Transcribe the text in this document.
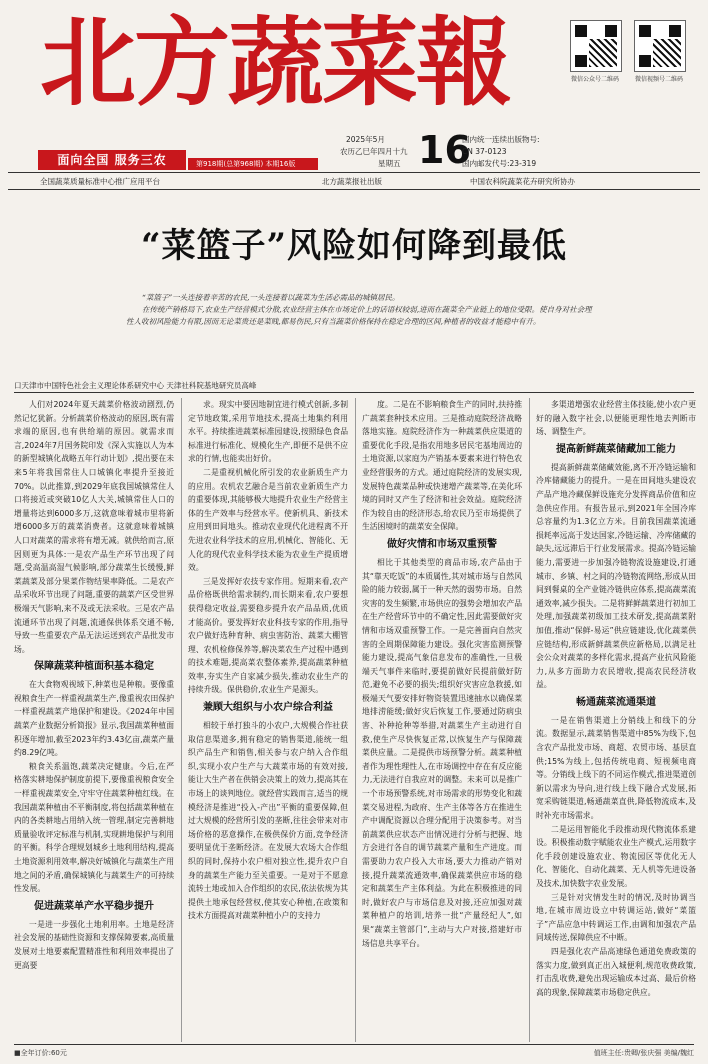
北方蔬菜報	微信公众号二维码	微信视频号二维码
面向全国 服务三农	第918期(总第968期) 本期16版
2025年5月
农历乙巳年四月十九
星期五 16
国内统一连续出版物号:
CN 37-0123
国内邮发代号:23-319
全国蔬菜质量标准中心推广应用平台	北方蔬菜报社出版	中国农科院蔬菜花卉研究所协办
“菜篮子”风险如何降到最低

“菜篮子”一头连接着辛苦的农民,一头连接着以蔬菜为生活必需品的城镇居民。

在传统产销格局下,农业生产经营模式分散,农业经营主体在市场定价上的话语权较弱,进而在蔬菜全产业链上的地位受限。使自身对社会理性人收初风险能力有限,因而无论菜贵还是菜贱,都易伤民,只有当蔬菜价格保持在稳定合理的区间,种植者的收益才能稳中有升。

口天津市中国特色社会主义理论体系研究中心 天津社科院基地研究员高峰

人们对2024年夏天蔬菜价格波动剧烈,仍然记忆犹新。分析蔬菜价格波动的原因,既有需求端的原因,也有供给端的原因。就需求而言,2024年7月国务院印发《深入实施以人为本的新型城镇化战略五年行动计划》,提出要在未来5年将我国常住人口城镇化率提升至接近70%。以此推算,到2029年底我国城镇常住人口将接近或突破10亿人大关,城镇常住人口的增量将达到6000多万,这就意味着城市里将新增6000多万的蔬菜消费者。这就意味着城镇人口对蔬菜的需求将有增无减。就供给而言,原因则更为具体:一是农产品生产环节出现了问题,受高温高湿气候影响,部分蔬菜生长缓慢,鲜菜蔬菜及部分果菜作物结果率降低。二是农产品采收环节出现了问题,重要的蔬菜产区受世界极端天气影响,来不及或无法采收。三是农产品流通环节出现了问题,流通保供体系交通不畅,导致一些重要农产品无法运送到农产品批发市场。

保障蔬菜种植面积基本稳定

在大食物观视域下,种菜也是种粮。要像重视粮食生产一样重视蔬菜生产,像重视农田保护一样重视蔬菜产地保护和建设。《2024年中国蔬菜产业数据分析简报》显示,我国蔬菜种植面积逐年增加,截至2023年约3.43亿亩,蔬菜产量约8.29亿吨。

粮食关系温饱,蔬菜决定健康。今后,在严格落实耕地保护制度前提下,要像重视粮食安全一样重视蔬菜安全,守牢守住蔬菜种植红线。在我国蔬菜种植由不平衡制度,将包括蔬菜种植在内的各类耕地占用纳入统一管理,制定完善耕地质量验收评定标准与机制,实现耕地保护与利用的平衡。科学合理规划城乡土地利用结构,提高土地资源利用效率,解决好城镇化与蔬菜生产用地之间的矛盾,确保城镇化与蔬菜生产的可持续性发展。

促进蔬菜单产水平稳步提升

一是进一步强化土地利用率。土地是经济社会发展的基础性资源和支撑保障要素,高质量发展对土地要素配置精准性和利用效率提出了更高要

求。现实中要因地制宜进行模式创新,多制定节地政策,采用节地技术,提高土地集约利用水平。持续推进蔬菜标准园建设,按照绿色食品标准进行标准化、规模化生产,即便不是供不应求的行情,也能卖出好价。

二是重视机械化所引发的农业新质生产力的应用。农机农艺融合是当前农业新质生产力的重要体现,其能够极大地提升农业生产经营主体的生产效率与经营水平。使新机具、新技术应用到田间地头。推动农业现代化进程离不开先进农业科学技术的应用,机械化、智能化、无人化的现代农业科学技术能为农业生产提质增效。

三是发挥好农技专家作用。短期来看,农产品价格既供给需求制约,而长期来看,农户要想获得稳定收益,需要稳步提升农产品品质,优质才能高价。要发挥好农业科技专家的作用,指导农户做好选种育种、病虫害防治、蔬菜大棚管理、农机检修保养等,解决菜农生产过程中遇到的技术难题,提高菜农整体素养,提高蔬菜种植效率,夯实生产自家减少损失,推动农业生产的持续升级。保供稳价,农业生产是源头。

兼顾大组织与小农户综合利益

相较于单打独斗的小农户,大规模合作社获取信息渠道多,拥有稳定的销售渠道,能统一组织产品生产和销售,相关参与农户纳入合作组织,实现小农户生产与大蔬菜市场的有效对接,能让大生产者在供销会决策上的效力,提高其在市场上的谈判地位。就经营实践而言,适当的规模经济是推进“投入-产出”平衡的重要保障,但过大规模的经营所引发的垄断,往往会带来对市场价格的恶意操作,在极供保价方面,竞争经济要明显优于垄断经济。在发展大农场大合作组织的同时,保持小农户相对独立性,提升农户自身的蔬菜生产能力至关重要。一是对于不愿意流转土地或加入合作组织的农民,依法依规为其提供土地承包经营权,使其安心种植,在政策和技术方面提高对蔬菜种植小户的支持力

度。二是在不影响粮食生产的同时,扶持推广蔬菜套种技术应用。三是推动庭院经济战略落地实施。庭院经济作为一种蔬菜供应渠道的重要优化手段,是指农用地多居民宅基地周边的土地资源,以家庭为产销基本要素来进行特色农业经营服务的方式。通过庭院经济的发展实现,发展特色蔬菜品种或快速增产蔬菜等,在美化环境的同时又产生了经济和社会效益。庭院经济作为较自由的经济形态,给农民乃至市场提供了生活困境时的蔬菜安全保障。

做好灾情和市场双重预警

相比于其他类型的商品市场,农产品由于其“靠天吃饭”的本质属性,其对城市场与自然风险的能力较弱,属于一种天然的弱势市场。自然灾害的发生频繁,市场供应的强势会增加农产品在生产经营环节中的不确定性,因此需要做好灾情和市场双重预警工作。一是完善面向自然灾害的全周期保障能力建设。强化灾害监测预警能力建设,提高气象信息发布的准确性,一旦极端天气事件来临时,要提前做好民提前做好防范,避免不必要的损失;组织好灾害应急救援,如极端天气要安排好物资装置迅速抽水以确保菜地排涝能缓;做好灾后恢复工作,要通过防病虫害、补种抢种等举措,对蔬菜生产主动进行自救,使生产尽快恢复正常,以恢复生产与保障蔬菜供应量。二是提供市场预警分析。蔬菜种植者作为理性理性人,在市场调控中存在有反应能力,无法进行自我应对的调整。未来可以是推广一个市场预警系统,对市场需求的形势变化和蔬菜交易进程,为政府、生产主体等各方在推进生产中调配资源以合理分配用于决策参考。对当前蔬菜供应状态产出情况进行分析与把握、地方会进行各自的调节蔬菜产量和生产进度。而需要助力农户投入大市场,要大力推动产销对接,提升蔬菜流通效率,确保蔬菜供应市场的稳定和蔬菜生产主体利益。为此在积极推进的同时,做好农户与市场信息及对接,还应加强对蔬菜种植户的培训,培养一批“产量经纪人”,如果“蔬菜主管部门”,主动与大户对接,搭建好市场信息共享平台。

多渠道增强农业经营主体技能,使小农户更好的融入数字社会,以便能更理性地去判断市场、调整生产。

提高新鲜蔬菜储藏加工能力

提高新鲜蔬菜储藏效能,离不开冷链运输和冷库储藏能力的提升。一是在田间地头建设农产品产地冷藏保鲜设施充分发挥商品价值和应急供应作用。有报告显示,到2021年全国冷库总容量约为1.3亿立方米。目前我国蔬菜流通损耗率远高于发达国家,冷链运输、冷库储藏的缺失,远远滞后于行业发展需求。提高冷链运输能力,需要进一步加强冷链物流设施建设,打通城市、乡镇、村之间的冷链物流网络,形成从田间到餐桌的全产业链冷链供应体系,提高蔬菜流通效率,减少损失。二是将鲜鲜蔬菜进行初加工处理,加强蔬菜初级加工技术研发,提高蔬菜附加值,推动“保鲜-易运”供应链建设,优化蔬菜供应链结构,形成新鲜蔬菜供应新格局,以满足社会公众对蔬菜的多样化需求,提高产业抗风险能力,从多方面助力农民增收,提高农民经济收益。

畅通蔬菜流通渠道

一是在销售渠道上分销线上和线下的分流。数据显示,蔬菜销售渠道中85%为线下,包含农产品批发市场、商超、农贸市场、基层直供;15%为线上,包括传统电商、短视频电商等。分销线上线下的不同运作模式,推进渠道创新以需求为导向,进行线上线下融合式发展,拓宽采购链渠道,畅通蔬菜直供,降低物流成本,及时补充市场需求。

二是运用智能化手段推动现代物流体系建设。积极推动数字赋能农业生产模式,运用数字化手段创建设施农业、物流园区等优化无人化、智能化、自动化蔬菜、无人机等先进设备及技术,加快数字农业发展。

三是针对灾情发生时的情况,及时协调当地,在城市周边设立中转调运站,做好“菜篮子”产品应急中转调运工作,由调和加强农产品同域传送,保障供应不中断。

四是强化农产品高速绿色通道免费政策的落实力度,做到真正出入城便利,规范收费政策,打击乱收费,避免出现运输成本过高、最后价格高的现象,保障蔬菜市场稳定供应。

■全年订价:60元	值班主任:贵卿/张庆强 美编/魏红
